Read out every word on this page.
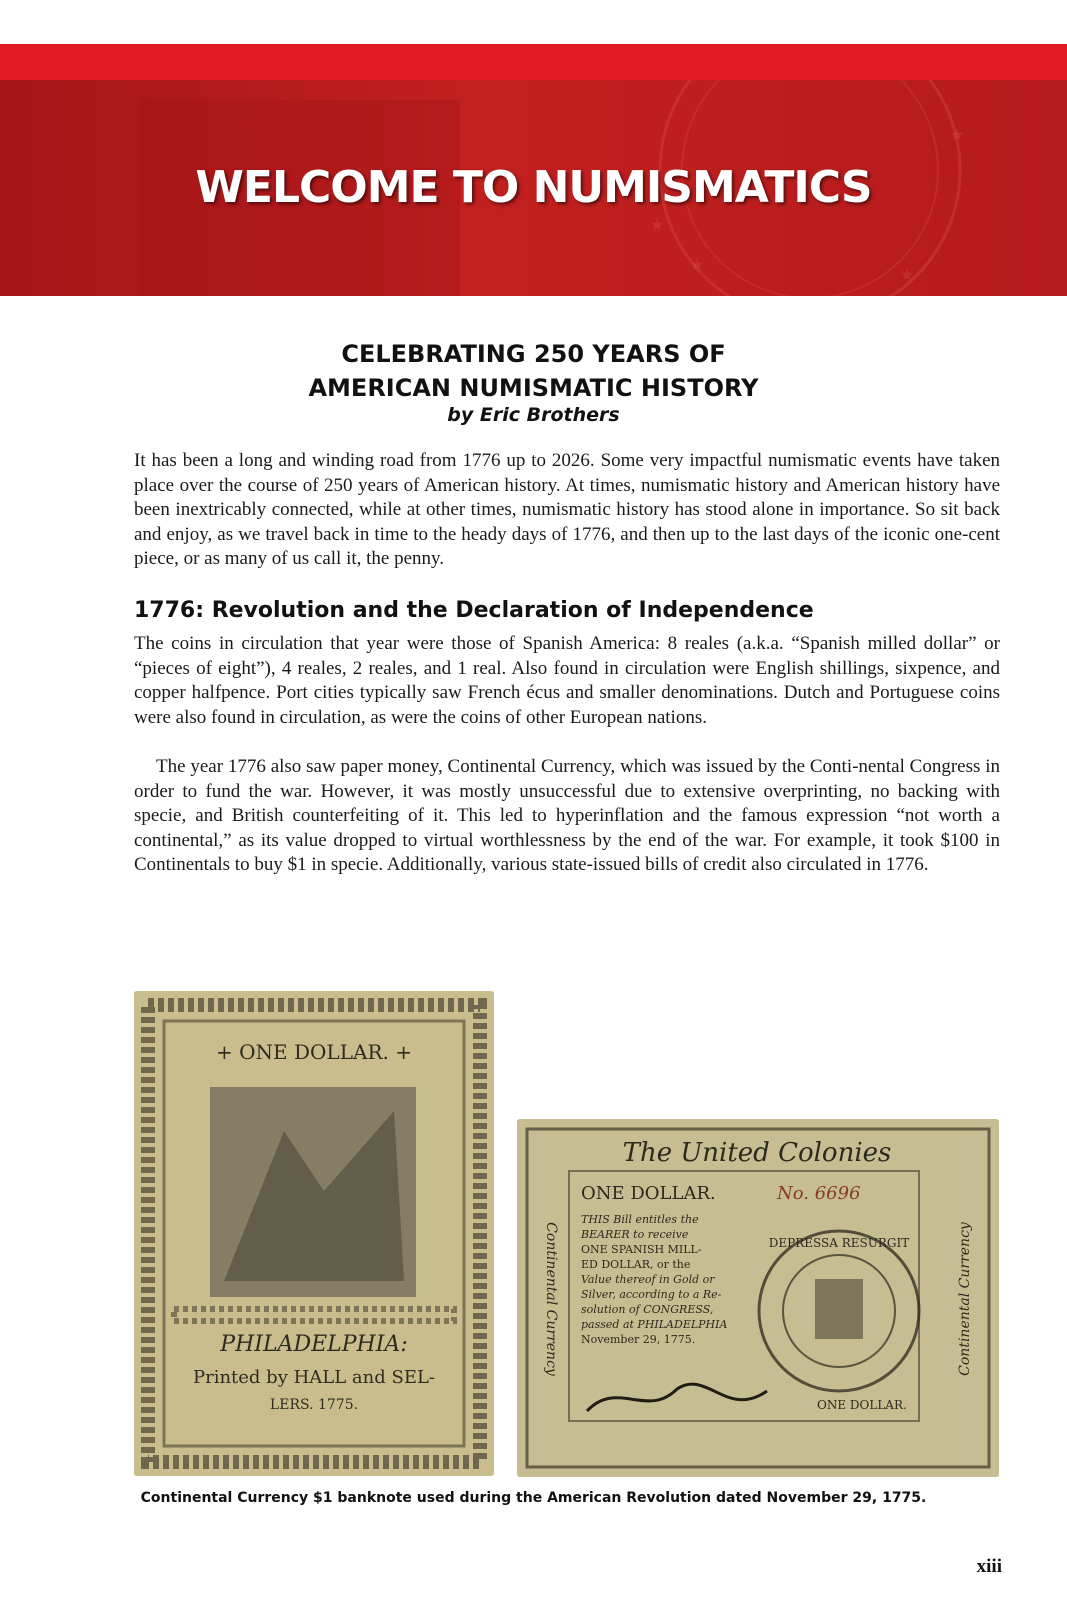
★
★
★
★
WELCOME TO NUMISMATICS
CELEBRATING 250 YEARS OF
AMERICAN NUMISMATIC HISTORY

by Eric Brothers

It has been a long and winding road from 1776 up to 2026. Some very impactful numismatic events have taken place over the course of 250 years of American history. At times, numismatic history and American history have been inextricably connected, while at other times, numismatic history has stood alone in importance. So sit back and enjoy, as we travel back in time to the heady days of 1776, and then up to the last days of the iconic one-cent piece, or as many of us call it, the penny.

1776: Revolution and the Declaration of Independence

The coins in circulation that year were those of Spanish America: 8 reales (a.k.a. “Spanish milled dollar” or “pieces of eight”), 4 reales, 2 reales, and 1 real. Also found in circulation were English shillings, sixpence, and copper halfpence. Port cities typically saw French écus and smaller denominations. Dutch and Portuguese coins were also found in circulation, as were the coins of other European nations.

The year 1776 also saw paper money, Continental Currency, which was issued by the Conti-nental Congress in order to fund the war. However, it was mostly unsuccessful due to extensive overprinting, no backing with specie, and British counterfeiting of it. This led to hyperinflation and the famous expression “not worth a continental,” as its value dropped to virtual worthlessness by the end of the war. For example, it took $100 in Continentals to buy $1 in specie. Additionally, various state-issued bills of credit also circulated in 1776.

+ ONE DOLLAR. +
PHILADELPHIA:
Printed by HALL and SEL-
LERS. 1775.
The United Colonies
ONE DOLLAR.	No. 6696
THIS Bill entitles the
BEARER to receive
ONE SPANISH MILL-
ED DOLLAR, or the
Value thereof in Gold or
Silver, according to a Re-
solution of CONGRESS,
passed at PHILADELPHIA
November 29, 1775.
DEPRESSA RESURGIT
ONE DOLLAR.
Continental Currency	Continental Currency

Continental Currency $1 banknote used during the American Revolution dated November 29, 1775.

xiii
